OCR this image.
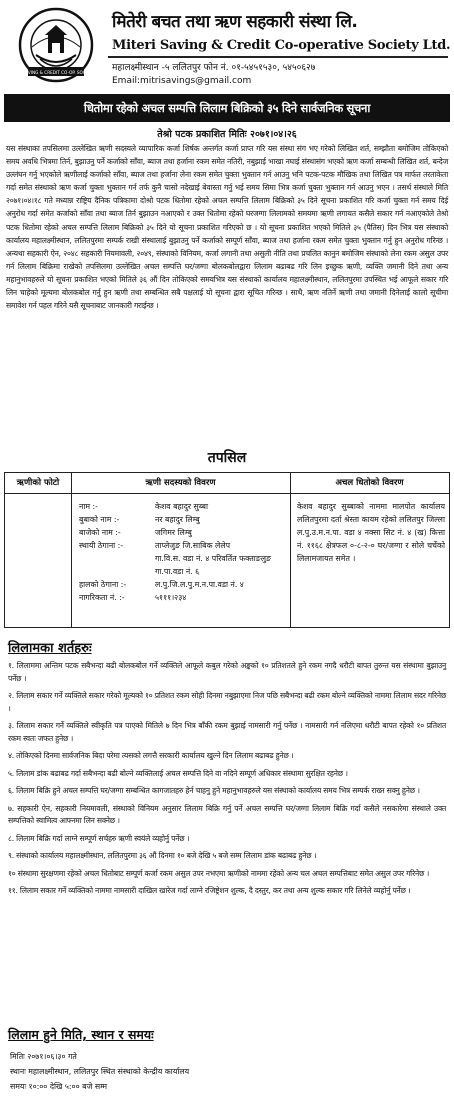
MITERI SAVING & CREDIT CO-OP. SOCIETY LTD.
मितेरी बचत तथा ऋण सहकारी संस्था लि.
Miteri Saving & Credit Co-operative Society Ltd.
महालक्ष्मीस्थान -५ ललितपुर फोन नं. ०१-५४५१५३०, ५४५०६२७
Email:mitrisavings@gmail.com
धितोमा रहेको अचल सम्पत्ति लिलाम बिक्रिको ३५ दिने सार्वजनिक सूचना
तेश्रो पटक प्रकाशित मितिः २०७१।०४।२६
यस संस्थाका तपसिलमा उल्लेखित ऋणी सदस्यले व्यापारिक कर्जा शिर्षक अन्तर्गत कर्जा प्राप्त गरि यस संस्था संग भए गरेको लिखित शर्त, सम्झौता बमोजिम तोकिएको समय अवधि भित्रमा तिर्न, बुझाउनु पर्ने कर्जाको साँवा, ब्याज तथा हर्जाना रकम समेत नतिरी, नबुझाई भाखा नघाई संस्थासंग भएको ऋण कर्जा सम्बन्धी लिखित शर्त, बन्देज उल्लंघन गर्नु भएकोले ऋणीलाई कर्जाको साँवा, ब्याज तथा हर्जाना लेना रकम समेत चुक्ता भुक्तान गर्न आउनु भनि पटक-पटक मौखिक तथा लिखित पत्र मार्फत तरताकेता गर्दा समेत संस्थाको ऋण कर्जा चुक्ता भुक्तान गर्न तर्फ कुनै चासो नदेखाई बेवास्ता गर्नु भई समय सिमा भित्र कर्जा चुक्ता भुक्तान गर्न आउनु भएन । तसर्थ संस्थाले मिति २०७१।०४।१८ गते मध्यान्न राष्ट्रिय दैनिक पत्रिकामा दोश्रो पटक धितोमा रहेको अचल सम्पत्ति लिलाम बिक्रिको ३५ दिने सूचना प्रकाशित गरि कर्जा चुक्ता गर्न समय दिई अनुरोध गर्दा समेत कर्जाको साँवा तथा ब्याज तिर्न बुझाउन नआएको र उक्त धितोमा रहेको घरजग्गा लिलामको समयमा ऋणी लगायत कसैले सकार गर्न नआएकोले तेश्रो पटक धितोमा रहेको अचल सम्पत्ति लिलाम बिक्रिको ३५ दिने यो सूचना प्रकाशित गरिएको छ । यो सूचना प्रकाशित भएको मितिले ३५ (पैतिस) दिन भित्र यस संस्थाको कार्यालय महालक्ष्मीस्थान, ललितपुरमा सम्पर्क राखी संस्थालाई बुझाउनु पर्ने कर्जाको सम्पूर्ण साँवा, ब्याज तथा हर्जाना रकम समेत चुक्ता भुक्तान गर्नु हुन अनुरोध गरिन्छ । अन्यथा सहकारी ऐन, २०४८ सहकारी नियमावली, २०४९, संस्थाको विनियम, कर्जा लगानी तथा असुली नीति तथा प्रचलित कानुन बमोजिम संस्थाको लेना रकम असुल उपर गर्न लिलाम बिक्रिमा राखेको तपसिलमा उल्लेखित अचल सम्पत्ति घर/जग्गा बोलकबोलद्वारा लिलाम बढाबढ गरि लिन इच्छुक ऋणी, व्यक्ति जमानी दिने तथा अन्य महानुभावहरुले यो सूचना प्रकाशित भएको मितिले ३६ औं दिन तोकिएको समयभित्र यस संस्थाको कार्यालय महालक्ष्मीस्थान, ललितपुरमा उपस्थित भई आफूले सकार गरि लिन चाहेको मूल्यमा बोलकबोल गर्नु हुन ऋणी तथा सम्बन्धित सबै पक्षलाई यो सूचना द्वारा सूचित गरिन्छ । साथै, ऋण नतिर्ने ऋणी तथा जमानी दिनेलाई कालो सूचीमा समावेश गर्न पहल गरिने यसै सूचनाबाट जानकारी गराईन्छ ।
तपसिल
ऋणीको फोटो	ऋणी सदस्यको विवरण	अचल धितोको विवरण
नाम :-	केशव बहादुर सुब्बा
बुबाको नाम :-	नर बहादुर लिम्बु
बाजेको नाम :-	जगिमर लिम्बु
स्थायी ठेगाना :-	ताप्लेजुङ जि.साबिक लेलेप
गा.वि.स. वडा नं. ४ परिवर्तित फक्ताङलुङ
गा.पा.वडा नं. ६
हालको ठेगाना :-	ल.पु.जि.ल.पु.म.न.पा.वडा नं. ४
नागरिकता नं. :-	५१११।२३४
केशव बहादुर सुब्बाको नाममा मालपोत कार्यालय ललितपुरमा दर्ता श्रेस्ता कायम रहेको ललितपुर जिल्ला ल.पु.उ.म.न.पा. वडा ४ नक्सा सिट नं. ४ (ख) कित्ता नं. ११६८ क्षेत्रफल ०-८-२-० घर/जग्गा र सोले चर्चेको लिलामजायत समेत ।
लिलामका शर्तहरुः
१. लिलाममा अन्तिम पटक सबैभन्दा बढी बोलकबोल गर्ने व्यक्तिले आफूले कबुल गरेको अङ्कको १० प्रतिशतले हुने रकम नगदै धरौटी बापत तुरुन्त यस संस्थामा बुझाउनु पर्नेछ ।
२. लिलाम सकार गर्ने व्यक्तिले सकार गरेको मूल्यको १० प्रतिशत रकम सोही दिनमा नबुझाएमा निज पछि सबैभन्दा बढी रकम बोल्ने व्यक्तिको नाममा लिलाम सदर गरिनेछ ।
३. लिलाम सकार गर्ने व्यक्तिले स्वीकृति पत्र पाएको मितिले ७ दिन भित्र बाँकी रकम बुझाई नामसारी गर्नु पर्नेछ । नामसारी गर्न नलिएमा धरौटी बापत रहेको १० प्रतिशत रकम स्वतः जफत हुनेछ ।
४. तोकिएको दिनमा सार्वजनिक बिदा परेमा त्यसको लगत्तै सरकारी कार्यालय खुल्ने दिन लिलाम बढाबढ हुनेछ ।
५. लिलाम डांक बढाबढ गर्दा सबैभन्दा बढी बोल्ने व्यक्तिलाई अचल सम्पत्ति दिने वा नदिने सम्पूर्ण अधिकार संस्थामा सुरक्षित रहनेछ ।
६. लिलाम बिक्रि हुने अचल सम्पत्ति घर/जग्गा सम्बन्धित कागजातहरु हेर्न चाहनु हुने महानुभावहरुले यस संस्थाको कार्यालय समय भित्र सम्पर्क राख्न सक्नु हुनेछ ।
७. सहकारी ऐन, सहकारी नियमावली, संस्थाको विनियम अनुसार लिलाम बिक्रि गर्नु पर्ने अचल सम्पत्ति घर/जग्गा लिलाम बिक्रि गर्दा कसैले नसकारेमा संस्थाले उक्त सम्पत्तिको स्वामित्व आफ्नमा लिन सक्नेछ ।
८. लिलाम बिक्रि गर्दा लाग्ने सम्पूर्ण सर्चहरु ऋणी स्वयंले व्यहोर्नु पर्नेछ ।
९. संस्थाको कार्यालय महालक्ष्मीस्थान, ललितपुरमा ३६ औं दिनमा १० बजे देखि ५ बजे सम्म लिलाम डांक बढाबढ हुनेछ ।
१० संस्थामा सुरक्षणमा रहेको अचल धितोबाट सम्पूर्ण कर्जा रकम असुल उपर नभएमा ऋणीको नाममा रहेको अन्य चल अचल सम्पत्तिबाट समेत असुल उपर गरिनेछ ।
११. लिलाम सकार गर्ने व्यक्तिको नाममा नामसारी दाखिल खारेज गर्दा लाग्ने रजिष्ट्रेशन शुल्क, दै दस्तुर, कर तथा अन्य शुल्क सकार गरि लिनेले व्यहोर्नु पर्नेछ ।
लिलाम हुने मिति, स्थान र समयः
मितिः २०७१।०६।३० गते
स्थानः महालक्ष्मीस्थान, ललितपुर स्थित संस्थाको केन्द्रीय कार्यालय
समयः १०:०० देखि ५:०० बजे सम्म
